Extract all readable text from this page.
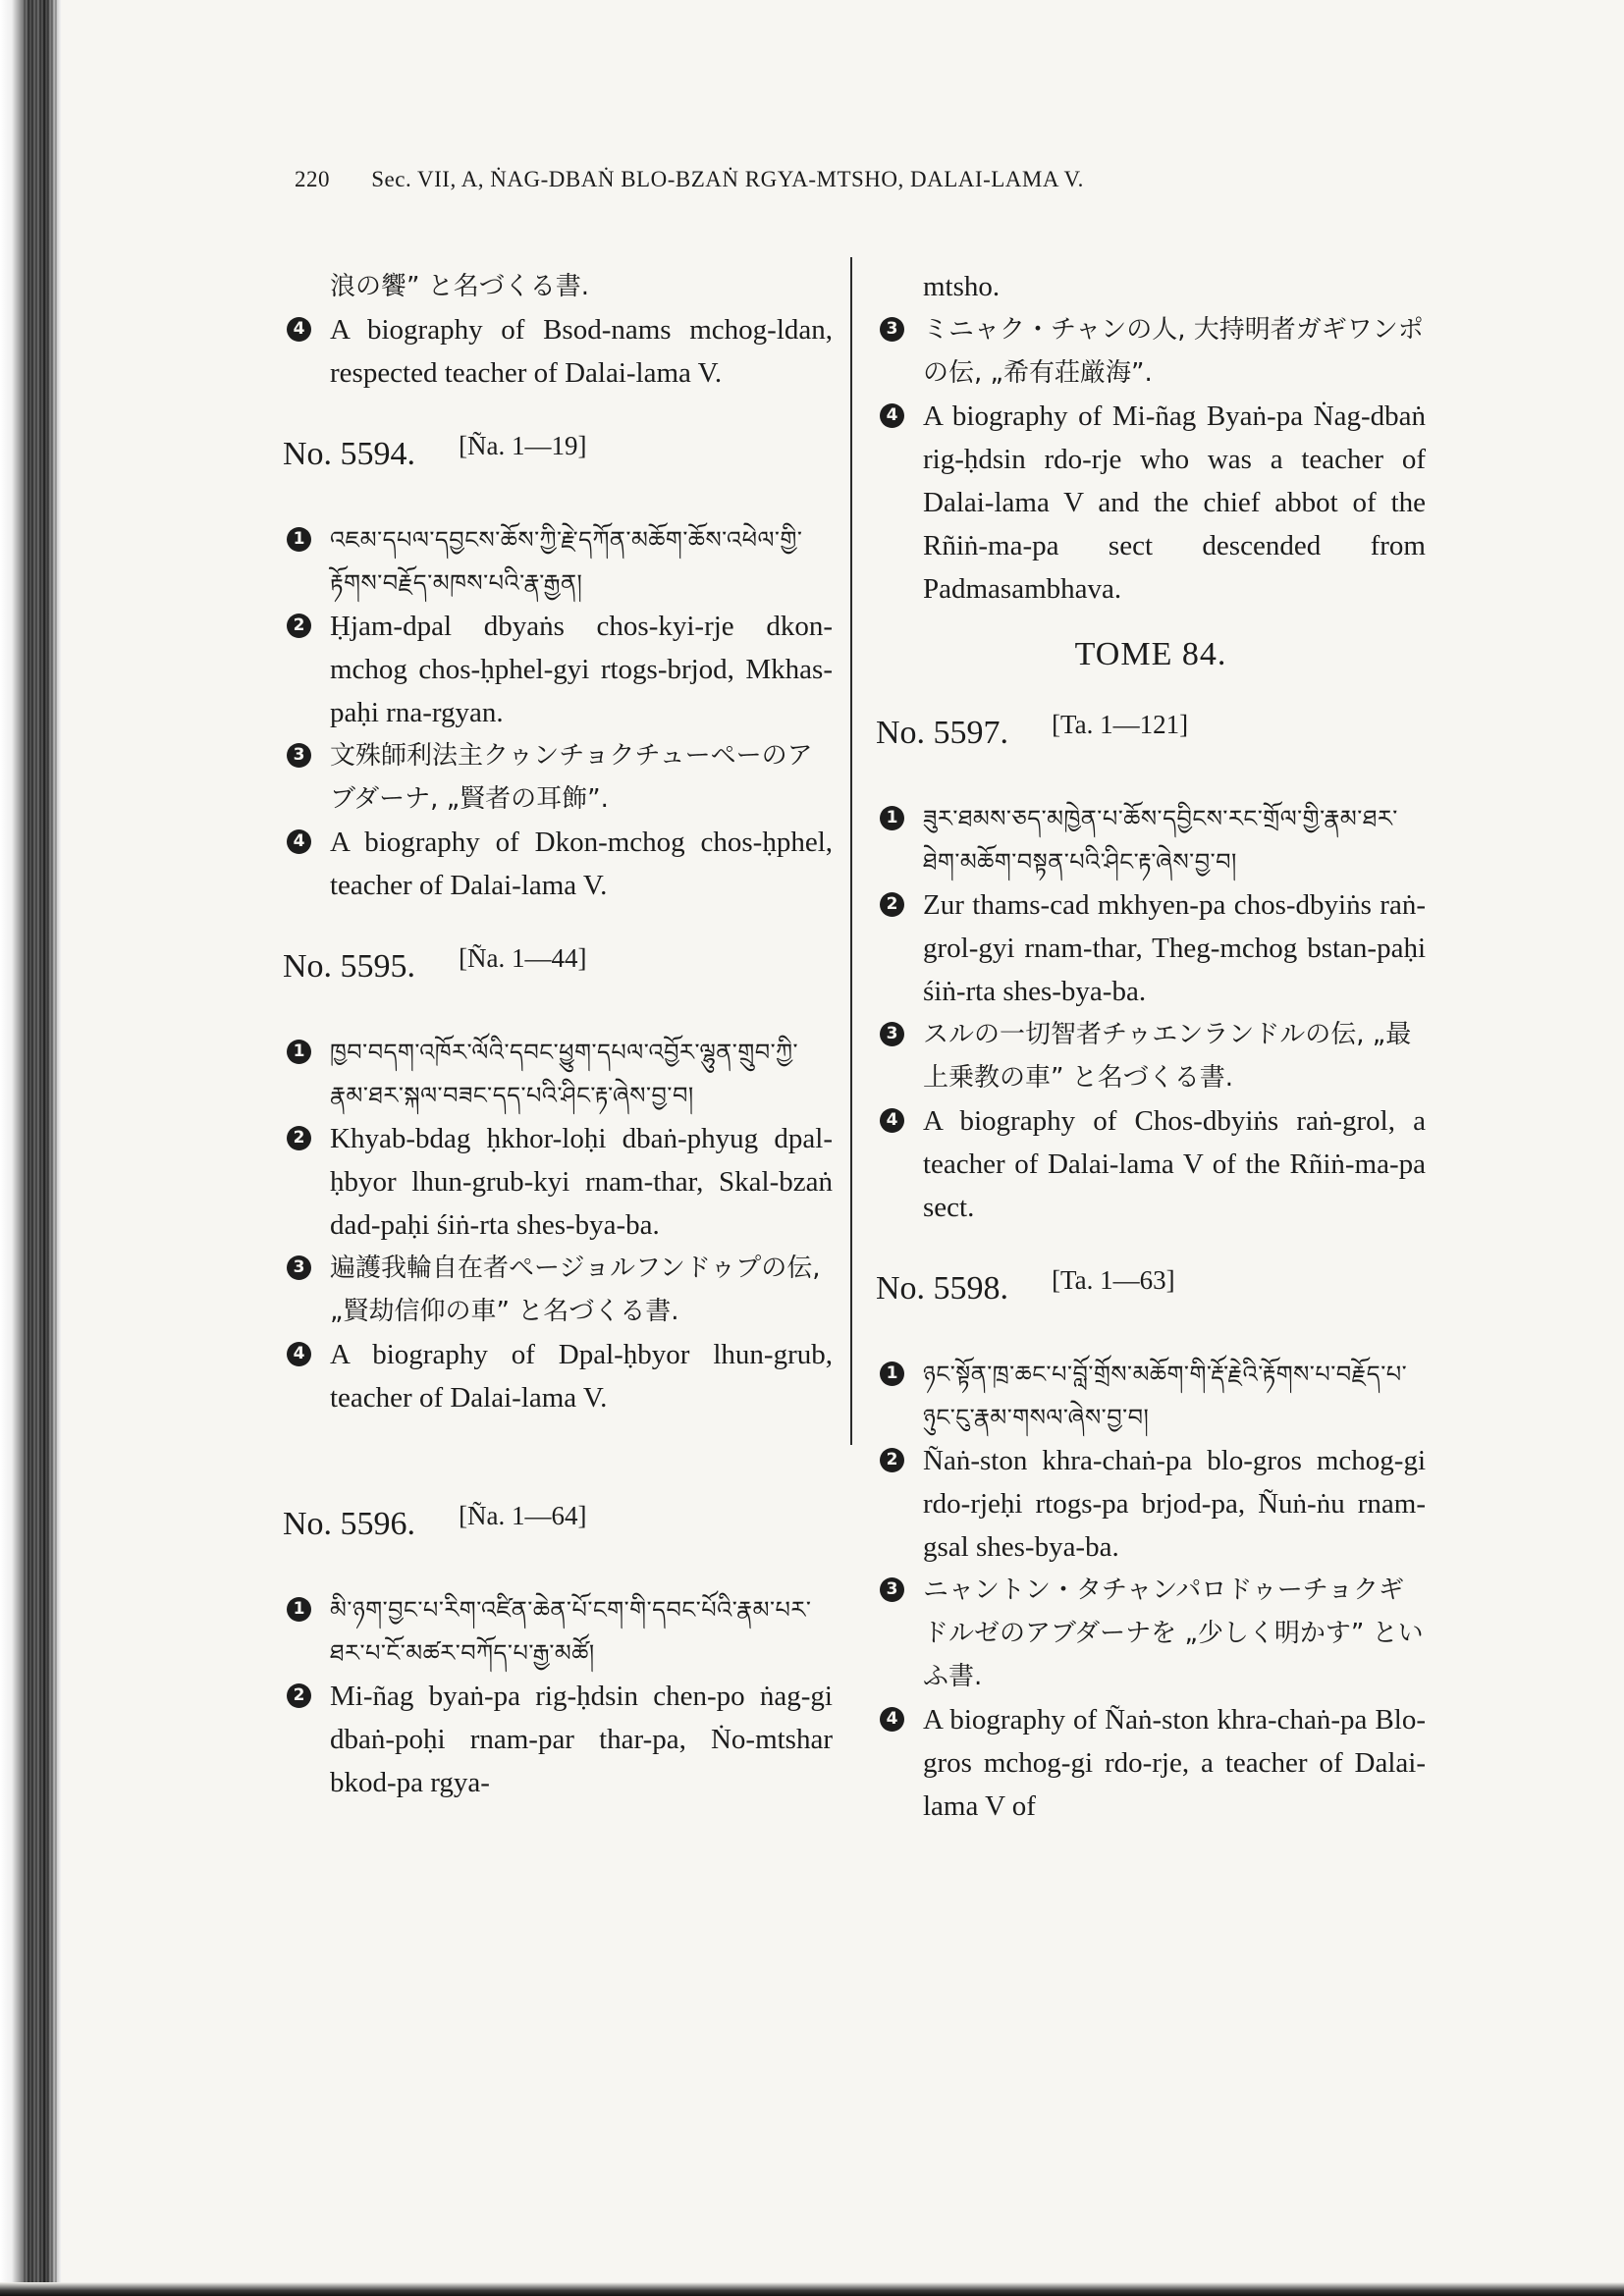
220 Sec. VII, A, ṄAG-DBAṄ BLO-BZAṄ RGYA-MTSHO, DALAI-LAMA V.
浪の饗” と名づくる書.
4 A biography of Bsod-nams mchog-ldan, respected teacher of Dalai-lama V.
No. 5594. [Ña. 1—19]
1 འཇམ་དཔལ་དབྱངས་ཆོས་ཀྱི་རྗེ་དཀོན་མཆོག་ཆོས་འཕེལ་གྱི་རྟོགས་བརྗོད་མཁས་པའི་རྣ་རྒྱན།
2 Ḥjam-dpal dbyaṅs chos-kyi-rje dkon-mchog chos-ḥphel-gyi rtogs-brjod, Mkhas-paḥi rna-rgyan.
3 文殊師利法主クゥンチョクチューペーのアブダーナ, „賢者の耳飾”.
4 A biography of Dkon-mchog chos-ḥphel, teacher of Dalai-lama V.
No. 5595. [Ña. 1—44]
1 ཁྱབ་བདག་འཁོར་ལོའི་དབང་ཕྱུག་དཔལ་འབྱོར་ལྷུན་གྲུབ་ཀྱི་རྣམ་ཐར་སྐལ་བཟང་དད་པའི་ཤིང་རྟ་ཞེས་བྱ་བ།
2 Khyab-bdag ḥkhor-loḥi dbaṅ-phyug dpal-ḥbyor lhun-grub-kyi rnam-thar, Skal-bzaṅ dad-paḥi śiṅ-rta shes-bya-ba.
3 遍護我輪自在者ページョルフンドゥプの伝, „賢劫信仰の車” と名づくる書.
4 A biography of Dpal-ḥbyor lhun-grub, teacher of Dalai-lama V.
No. 5596. [Ña. 1—64]
1 མི་ཉག་བྱང་པ་རིག་འཛིན་ཆེན་པོ་ངག་གི་དབང་པོའི་རྣམ་པར་ཐར་པ་ངོ་མཚར་བཀོད་པ་རྒྱ་མཚོ།
2 Mi-ñag byaṅ-pa rig-ḥdsin chen-po ṅag-gi dbaṅ-poḥi rnam-par thar-pa, Ṅo-mtshar bkod-pa rgya-
mtsho.
3 ミニャク・チャンの人, 大持明者ガギワンポの伝, „希有荘厳海”.
4 A biography of Mi-ñag Byaṅ-pa Ṅag-dbaṅ rig-ḥdsin rdo-rje who was a teacher of Dalai-lama V and the chief abbot of the Rñiṅ-ma-pa sect descended from Padmasambhava.
TOME 84.
No. 5597. [Ta. 1—121]
1 ཟུར་ཐམས་ཅད་མཁྱེན་པ་ཆོས་དབྱིངས་རང་གྲོལ་གྱི་རྣམ་ཐར་ཐེག་མཆོག་བསྟན་པའི་ཤིང་རྟ་ཞེས་བྱ་བ།
2 Zur thams-cad mkhyen-pa chos-dbyiṅs raṅ-grol-gyi rnam-thar, Theg-mchog bstan-paḥi śiṅ-rta shes-bya-ba.
3 スルの一切智者チゥエンランドルの伝, „最上乗教の車” と名づくる書.
4 A biography of Chos-dbyiṅs raṅ-grol, a teacher of Dalai-lama V of the Rñiṅ-ma-pa sect.
No. 5598. [Ta. 1—63]
1 ཉང་སྟོན་ཁྲ་ཆང་པ་བློ་གྲོས་མཆོག་གི་རྡོ་རྗེའི་རྟོགས་པ་བརྗོད་པ་ཉུང་ངུ་རྣམ་གསལ་ཞེས་བྱ་བ།
2 Ñaṅ-ston khra-chaṅ-pa blo-gros mchog-gi rdo-rjeḥi rtogs-pa brjod-pa, Ñuṅ-ṅu rnam-gsal shes-bya-ba.
3 ニャントン・タチャンパロドゥーチョクギドルゼのアブダーナを „少しく明かす” といふ書.
4 A biography of Ñaṅ-ston khra-chaṅ-pa Blo-gros mchog-gi rdo-rje, a teacher of Dalai-lama V of
